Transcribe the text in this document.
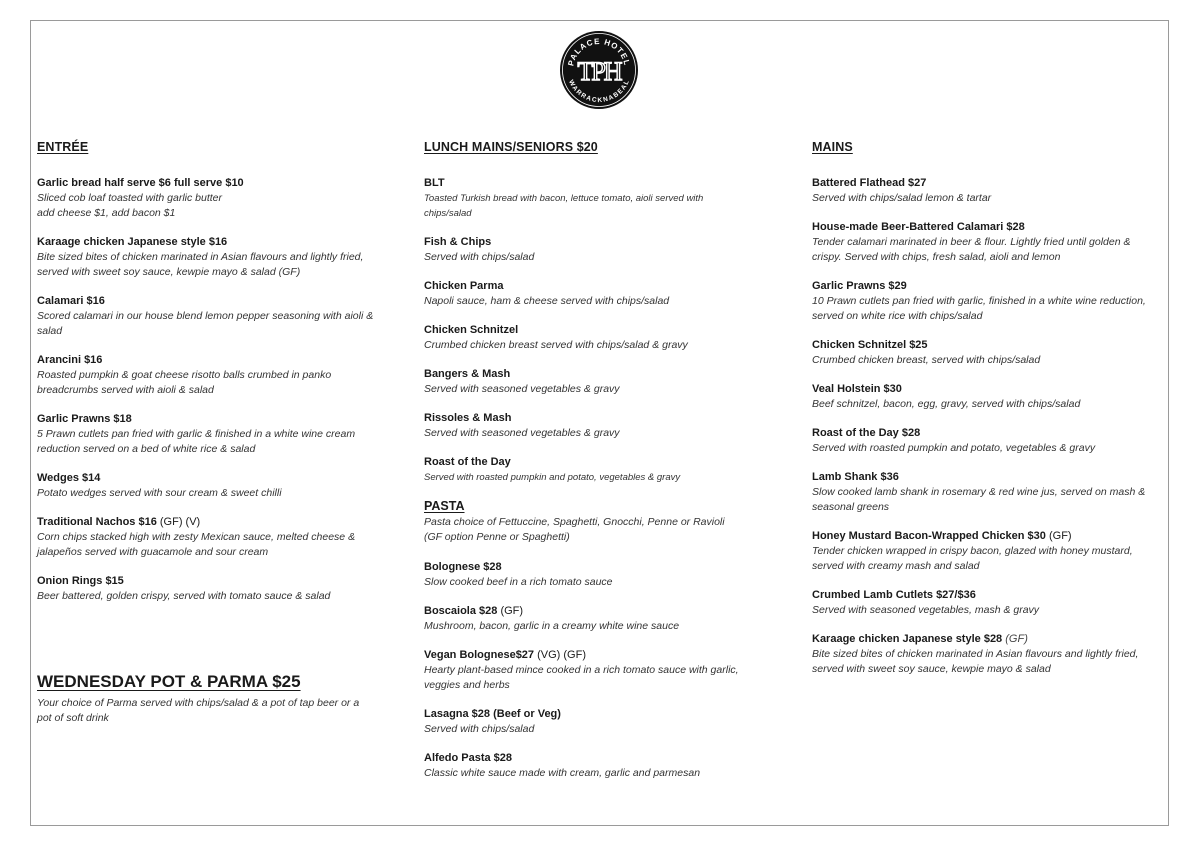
PALACE HOTEL
WARRACKNABEAL
TPH
ENTRÉE
Garlic bread half serve $6 full serve $10
Sliced cob loaf toasted with garlic butter
add cheese $1, add bacon $1
Karaage chicken Japanese style $16
Bite sized bites of chicken marinated in Asian flavours and lightly fried,
served with sweet soy sauce, kewpie mayo & salad (GF)
Calamari $16
Scored calamari in our house blend lemon pepper seasoning with aioli &
salad
Arancini $16
Roasted pumpkin & goat cheese risotto balls crumbed in panko
breadcrumbs served with aioli & salad
Garlic Prawns $18
5 Prawn cutlets pan fried with garlic & finished in a white wine cream
reduction served on a bed of white rice & salad
Wedges $14
Potato wedges served with sour cream & sweet chilli
Traditional Nachos $16 (GF) (V)
Corn chips stacked high with zesty Mexican sauce, melted cheese &
jalapeños served with guacamole and sour cream
Onion Rings $15
Beer battered, golden crispy, served with tomato sauce & salad
WEDNESDAY POT & PARMA $25
Your choice of Parma served with chips/salad & a pot of tap beer or a
pot of soft drink
LUNCH MAINS/SENIORS $20
BLT
Toasted Turkish bread with bacon, lettuce tomato, aioli served with
chips/salad
Fish & Chips
Served with chips/salad
Chicken Parma
Napoli sauce, ham & cheese served with chips/salad
Chicken Schnitzel
Crumbed chicken breast served with chips/salad & gravy
Bangers & Mash
Served with seasoned vegetables & gravy
Rissoles & Mash
Served with seasoned vegetables & gravy
Roast of the Day
Served with roasted pumpkin and potato, vegetables & gravy
PASTA
Pasta choice of Fettuccine, Spaghetti, Gnocchi, Penne or Ravioli
(GF option Penne or Spaghetti)
Bolognese $28
Slow cooked beef in a rich tomato sauce
Boscaiola $28 (GF)
Mushroom, bacon, garlic in a creamy white wine sauce
Vegan Bolognese$27 (VG) (GF)
Hearty plant-based mince cooked in a rich tomato sauce with garlic,
veggies and herbs
Lasagna $28 (Beef or Veg)
Served with chips/salad
Alfedo Pasta $28
Classic white sauce made with cream, garlic and parmesan
MAINS
Battered Flathead $27
Served with chips/salad lemon & tartar
House-made Beer-Battered Calamari $28
Tender calamari marinated in beer & flour. Lightly fried until golden &
crispy. Served with chips, fresh salad, aioli and lemon
Garlic Prawns $29
10 Prawn cutlets pan fried with garlic, finished in a white wine reduction,
served on white rice with chips/salad
Chicken Schnitzel $25
Crumbed chicken breast, served with chips/salad
Veal Holstein $30
Beef schnitzel, bacon, egg, gravy, served with chips/salad
Roast of the Day $28
Served with roasted pumpkin and potato, vegetables & gravy
Lamb Shank $36
Slow cooked lamb shank in rosemary & red wine jus, served on mash &
seasonal greens
Honey Mustard Bacon-Wrapped Chicken $30 (GF)
Tender chicken wrapped in crispy bacon, glazed with honey mustard,
served with creamy mash and salad
Crumbed Lamb Cutlets $27/$36
Served with seasoned vegetables, mash & gravy
Karaage chicken Japanese style $28 (GF)
Bite sized bites of chicken marinated in Asian flavours and lightly fried,
served with sweet soy sauce, kewpie mayo & salad
